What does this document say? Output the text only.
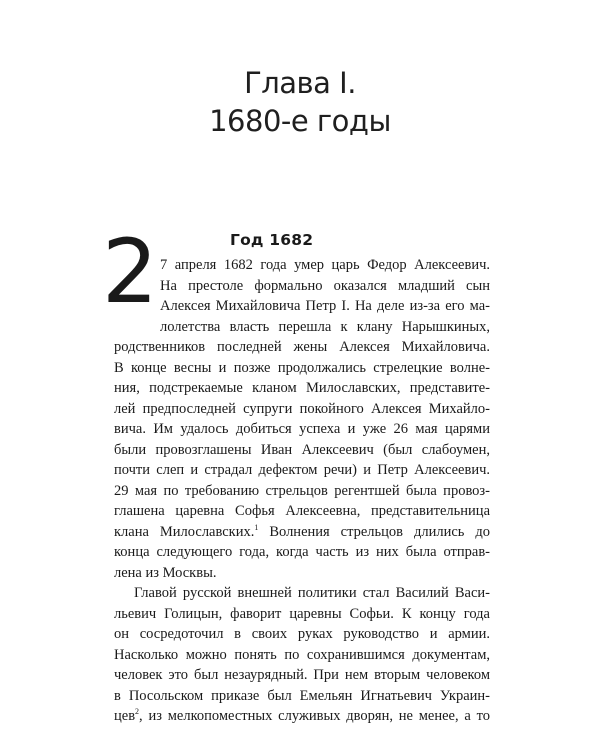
Глава I.
1680-е годы
2	Год 1682
7 апреля 1682 года умер царь Федор Алексеевич.
На престоле формально оказался младший сын
Алексея Михайловича Петр I. На деле из-за его ма-
лолетства власть перешла к клану Нарышкиных,
родственников последней жены Алексея Михайловича.
В конце весны и позже продолжались стрелецкие волне-
ния, подстрекаемые кланом Милославских, представите-
лей предпоследней супруги покойного Алексея Михайло-
вича. Им удалось добиться успеха и уже 26 мая царями
были провозглашены Иван Алексеевич (был слабоумен,
почти слеп и страдал дефектом речи) и Петр Алексеевич.
29 мая по требованию стрельцов регентшей была провоз-
глашена царевна Софья Алексеевна, представительница
клана Милославских.$^1$ Волнения стрельцов длились до
конца следующего года, когда часть из них была отправ-
лена из Москвы.
Главой русской внешней политики стал Василий Васи-
льевич Голицын, фаворит царевны Софьи. К концу года
он сосредоточил в своих руках руководство и армии.
Насколько можно понять по сохранившимся документам,
человек это был незаурядный. При нем вторым человеком
в Посольском приказе был Емельян Игнатьевич Украин-
цев$^2$, из мелкопоместных служивых дворян, не менее, а то
